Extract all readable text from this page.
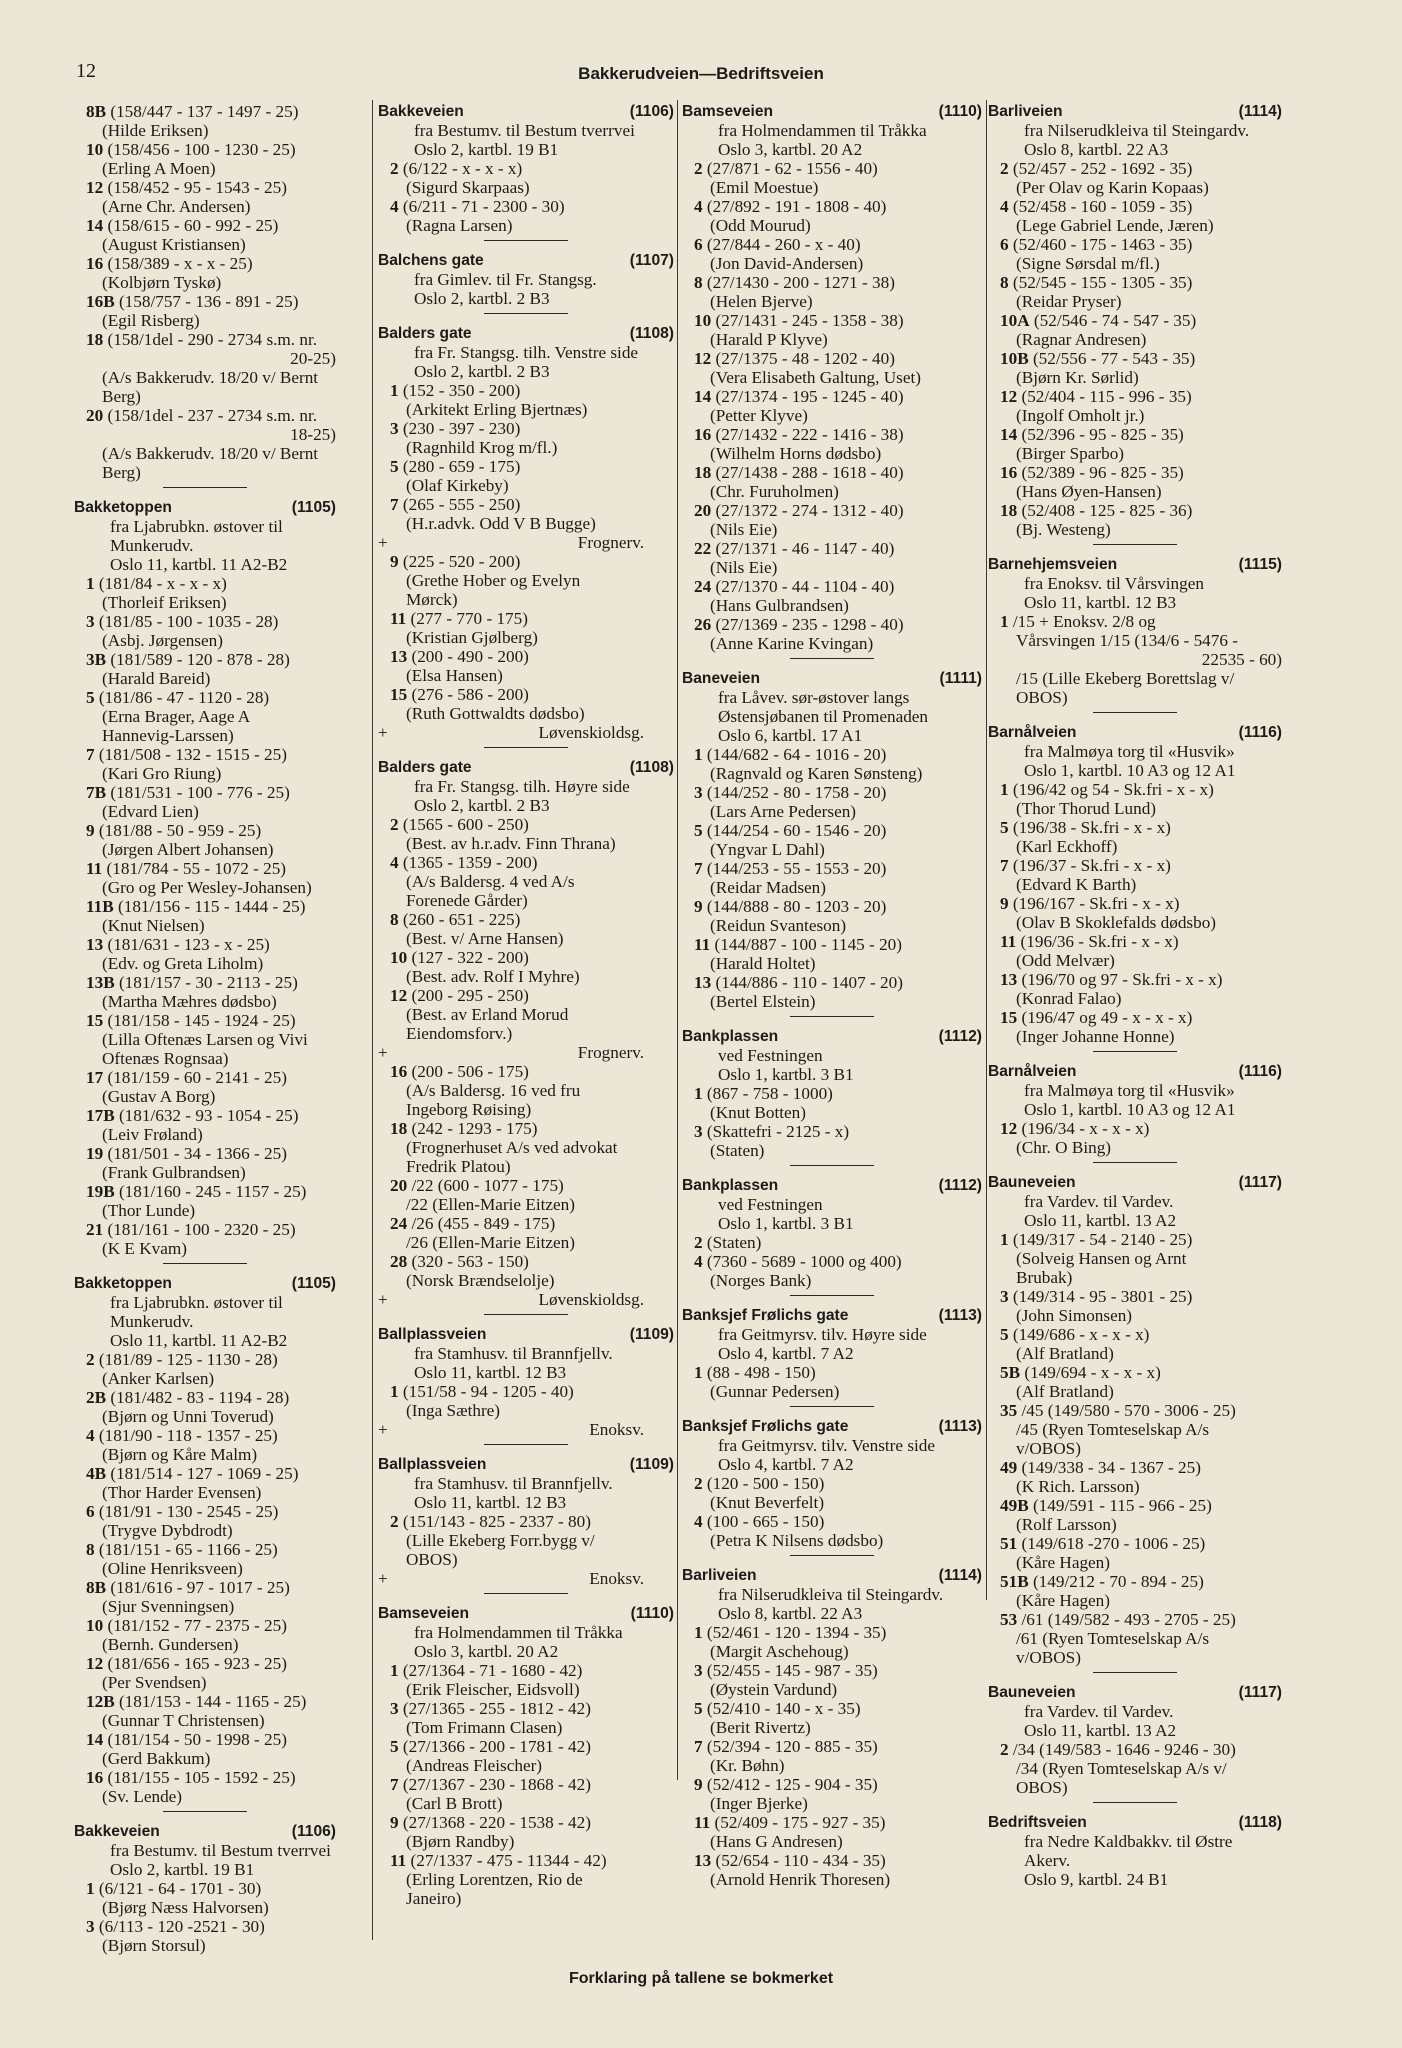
12	Bakkerudveien—Bedriftsveien
8B (158/447 - 137 - 1497 - 25)
(Hilde Eriksen)
10 (158/456 - 100 - 1230 - 25)
(Erling A Moen)
12 (158/452 - 95 - 1543 - 25)
(Arne Chr. Andersen)
14 (158/615 - 60 - 992 - 25)
(August Kristiansen)
16 (158/389 - x - x - 25)
(Kolbjørn Tyskø)
16B (158/757 - 136 - 891 - 25)
(Egil Risberg)
18 (158/1del - 290 - 2734 s.m. nr.
20-25)
(A/s Bakkerudv. 18/20 v/ Bernt
Berg)
20 (158/1del - 237 - 2734 s.m. nr.
18-25)
(A/s Bakkerudv. 18/20 v/ Bernt
Berg)
Bakketoppen	(1105)
fra Ljabrubkn. østover til
Munkerudv.
Oslo 11, kartbl. 11 A2-B2
1 (181/84 - x - x - x)
(Thorleif Eriksen)
3 (181/85 - 100 - 1035 - 28)
(Asbj. Jørgensen)
3B (181/589 - 120 - 878 - 28)
(Harald Bareid)
5 (181/86 - 47 - 1120 - 28)
(Erna Brager, Aage A
Hannevig-Larssen)
7 (181/508 - 132 - 1515 - 25)
(Kari Gro Riung)
7B (181/531 - 100 - 776 - 25)
(Edvard Lien)
9 (181/88 - 50 - 959 - 25)
(Jørgen Albert Johansen)
11 (181/784 - 55 - 1072 - 25)
(Gro og Per Wesley-Johansen)
11B (181/156 - 115 - 1444 - 25)
(Knut Nielsen)
13 (181/631 - 123 - x - 25)
(Edv. og Greta Liholm)
13B (181/157 - 30 - 2113 - 25)
(Martha Mæhres dødsbo)
15 (181/158 - 145 - 1924 - 25)
(Lilla Oftenæs Larsen og Vivi
Oftenæs Rognsaa)
17 (181/159 - 60 - 2141 - 25)
(Gustav A Borg)
17B (181/632 - 93 - 1054 - 25)
(Leiv Frøland)
19 (181/501 - 34 - 1366 - 25)
(Frank Gulbrandsen)
19B (181/160 - 245 - 1157 - 25)
(Thor Lunde)
21 (181/161 - 100 - 2320 - 25)
(K E Kvam)
Bakketoppen	(1105)
fra Ljabrubkn. østover til
Munkerudv.
Oslo 11, kartbl. 11 A2-B2
2 (181/89 - 125 - 1130 - 28)
(Anker Karlsen)
2B (181/482 - 83 - 1194 - 28)
(Bjørn og Unni Toverud)
4 (181/90 - 118 - 1357 - 25)
(Bjørn og Kåre Malm)
4B (181/514 - 127 - 1069 - 25)
(Thor Harder Evensen)
6 (181/91 - 130 - 2545 - 25)
(Trygve Dybdrodt)
8 (181/151 - 65 - 1166 - 25)
(Oline Henriksveen)
8B (181/616 - 97 - 1017 - 25)
(Sjur Svenningsen)
10 (181/152 - 77 - 2375 - 25)
(Bernh. Gundersen)
12 (181/656 - 165 - 923 - 25)
(Per Svendsen)
12B (181/153 - 144 - 1165 - 25)
(Gunnar T Christensen)
14 (181/154 - 50 - 1998 - 25)
(Gerd Bakkum)
16 (181/155 - 105 - 1592 - 25)
(Sv. Lende)
Bakkeveien	(1106)
fra Bestumv. til Bestum tverrvei
Oslo 2, kartbl. 19 B1
1 (6/121 - 64 - 1701 - 30)
(Bjørg Næss Halvorsen)
3 (6/113 - 120 -2521 - 30)
(Bjørn Storsul)
Bakkeveien	(1106)
fra Bestumv. til Bestum tverrvei
Oslo 2, kartbl. 19 B1
2 (6/122 - x - x - x)
(Sigurd Skarpaas)
4 (6/211 - 71 - 2300 - 30)
(Ragna Larsen)
Balchens gate	(1107)
fra Gimlev. til Fr. Stangsg.
Oslo 2, kartbl. 2 B3
Balders gate	(1108)
fra Fr. Stangsg. tilh. Venstre side
Oslo 2, kartbl. 2 B3
1 (152 - 350 - 200)
(Arkitekt Erling Bjertnæs)
3 (230 - 397 - 230)
(Ragnhild Krog m/fl.)
5 (280 - 659 - 175)
(Olaf Kirkeby)
7 (265 - 555 - 250)
(H.r.advk. Odd V B Bugge)
+	Frognerv.
9 (225 - 520 - 200)
(Grethe Hober og Evelyn
Mørck)
11 (277 - 770 - 175)
(Kristian Gjølberg)
13 (200 - 490 - 200)
(Elsa Hansen)
15 (276 - 586 - 200)
(Ruth Gottwaldts dødsbo)
+	Løvenskioldsg.
Balders gate	(1108)
fra Fr. Stangsg. tilh. Høyre side
Oslo 2, kartbl. 2 B3
2 (1565 - 600 - 250)
(Best. av h.r.adv. Finn Thrana)
4 (1365 - 1359 - 200)
(A/s Baldersg. 4 ved A/s
Forenede Gårder)
8 (260 - 651 - 225)
(Best. v/ Arne Hansen)
10 (127 - 322 - 200)
(Best. adv. Rolf I Myhre)
12 (200 - 295 - 250)
(Best. av Erland Morud
Eiendomsforv.)
+	Frognerv.
16 (200 - 506 - 175)
(A/s Baldersg. 16 ved fru
Ingeborg Røising)
18 (242 - 1293 - 175)
(Frognerhuset A/s ved advokat
Fredrik Platou)
20 /22 (600 - 1077 - 175)
/22 (Ellen-Marie Eitzen)
24 /26 (455 - 849 - 175)
/26 (Ellen-Marie Eitzen)
28 (320 - 563 - 150)
(Norsk Brændselolje)
+	Løvenskioldsg.
Ballplassveien	(1109)
fra Stamhusv. til Brannfjellv.
Oslo 11, kartbl. 12 B3
1 (151/58 - 94 - 1205 - 40)
(Inga Sæthre)
+	Enoksv.
Ballplassveien	(1109)
fra Stamhusv. til Brannfjellv.
Oslo 11, kartbl. 12 B3
2 (151/143 - 825 - 2337 - 80)
(Lille Ekeberg Forr.bygg v/
OBOS)
+	Enoksv.
Bamseveien	(1110)
fra Holmendammen til Tråkka
Oslo 3, kartbl. 20 A2
1 (27/1364 - 71 - 1680 - 42)
(Erik Fleischer, Eidsvoll)
3 (27/1365 - 255 - 1812 - 42)
(Tom Frimann Clasen)
5 (27/1366 - 200 - 1781 - 42)
(Andreas Fleischer)
7 (27/1367 - 230 - 1868 - 42)
(Carl B Brott)
9 (27/1368 - 220 - 1538 - 42)
(Bjørn Randby)
11 (27/1337 - 475 - 11344 - 42)
(Erling Lorentzen, Rio de
Janeiro)
Bamseveien	(1110)
fra Holmendammen til Tråkka
Oslo 3, kartbl. 20 A2
2 (27/871 - 62 - 1556 - 40)
(Emil Moestue)
4 (27/892 - 191 - 1808 - 40)
(Odd Mourud)
6 (27/844 - 260 - x - 40)
(Jon David-Andersen)
8 (27/1430 - 200 - 1271 - 38)
(Helen Bjerve)
10 (27/1431 - 245 - 1358 - 38)
(Harald P Klyve)
12 (27/1375 - 48 - 1202 - 40)
(Vera Elisabeth Galtung, Uset)
14 (27/1374 - 195 - 1245 - 40)
(Petter Klyve)
16 (27/1432 - 222 - 1416 - 38)
(Wilhelm Horns dødsbo)
18 (27/1438 - 288 - 1618 - 40)
(Chr. Furuholmen)
20 (27/1372 - 274 - 1312 - 40)
(Nils Eie)
22 (27/1371 - 46 - 1147 - 40)
(Nils Eie)
24 (27/1370 - 44 - 1104 - 40)
(Hans Gulbrandsen)
26 (27/1369 - 235 - 1298 - 40)
(Anne Karine Kvingan)
Baneveien	(1111)
fra Låvev. sør-østover langs
Østensjøbanen til Promenaden
Oslo 6, kartbl. 17 A1
1 (144/682 - 64 - 1016 - 20)
(Ragnvald og Karen Sønsteng)
3 (144/252 - 80 - 1758 - 20)
(Lars Arne Pedersen)
5 (144/254 - 60 - 1546 - 20)
(Yngvar L Dahl)
7 (144/253 - 55 - 1553 - 20)
(Reidar Madsen)
9 (144/888 - 80 - 1203 - 20)
(Reidun Svanteson)
11 (144/887 - 100 - 1145 - 20)
(Harald Holtet)
13 (144/886 - 110 - 1407 - 20)
(Bertel Elstein)
Bankplassen	(1112)
ved Festningen
Oslo 1, kartbl. 3 B1
1 (867 - 758 - 1000)
(Knut Botten)
3 (Skattefri - 2125 - x)
(Staten)
Bankplassen	(1112)
ved Festningen
Oslo 1, kartbl. 3 B1
2 (Staten)
4 (7360 - 5689 - 1000 og 400)
(Norges Bank)
Banksjef Frølichs gate	(1113)
fra Geitmyrsv. tilv. Høyre side
Oslo 4, kartbl. 7 A2
1 (88 - 498 - 150)
(Gunnar Pedersen)
Banksjef Frølichs gate	(1113)
fra Geitmyrsv. tilv. Venstre side
Oslo 4, kartbl. 7 A2
2 (120 - 500 - 150)
(Knut Beverfelt)
4 (100 - 665 - 150)
(Petra K Nilsens dødsbo)
Barliveien	(1114)
fra Nilserudkleiva til Steingardv.
Oslo 8, kartbl. 22 A3
1 (52/461 - 120 - 1394 - 35)
(Margit Aschehoug)
3 (52/455 - 145 - 987 - 35)
(Øystein Vardund)
5 (52/410 - 140 - x - 35)
(Berit Rivertz)
7 (52/394 - 120 - 885 - 35)
(Kr. Bøhn)
9 (52/412 - 125 - 904 - 35)
(Inger Bjerke)
11 (52/409 - 175 - 927 - 35)
(Hans G Andresen)
13 (52/654 - 110 - 434 - 35)
(Arnold Henrik Thoresen)
Barliveien	(1114)
fra Nilserudkleiva til Steingardv.
Oslo 8, kartbl. 22 A3
2 (52/457 - 252 - 1692 - 35)
(Per Olav og Karin Kopaas)
4 (52/458 - 160 - 1059 - 35)
(Lege Gabriel Lende, Jæren)
6 (52/460 - 175 - 1463 - 35)
(Signe Sørsdal m/fl.)
8 (52/545 - 155 - 1305 - 35)
(Reidar Pryser)
10A (52/546 - 74 - 547 - 35)
(Ragnar Andresen)
10B (52/556 - 77 - 543 - 35)
(Bjørn Kr. Sørlid)
12 (52/404 - 115 - 996 - 35)
(Ingolf Omholt jr.)
14 (52/396 - 95 - 825 - 35)
(Birger Sparbo)
16 (52/389 - 96 - 825 - 35)
(Hans Øyen-Hansen)
18 (52/408 - 125 - 825 - 36)
(Bj. Westeng)
Barnehjemsveien	(1115)
fra Enoksv. til Vårsvingen
Oslo 11, kartbl. 12 B3
1 /15 + Enoksv. 2/8 og
Vårsvingen 1/15 (134/6 - 5476 -
22535 - 60)
/15 (Lille Ekeberg Borettslag v/
OBOS)
Barnålveien	(1116)
fra Malmøya torg til «Husvik»
Oslo 1, kartbl. 10 A3 og 12 A1
1 (196/42 og 54 - Sk.fri - x - x)
(Thor Thorud Lund)
5 (196/38 - Sk.fri - x - x)
(Karl Eckhoff)
7 (196/37 - Sk.fri - x - x)
(Edvard K Barth)
9 (196/167 - Sk.fri - x - x)
(Olav B Skoklefalds dødsbo)
11 (196/36 - Sk.fri - x - x)
(Odd Melvær)
13 (196/70 og 97 - Sk.fri - x - x)
(Konrad Falao)
15 (196/47 og 49 - x - x - x)
(Inger Johanne Honne)
Barnålveien	(1116)
fra Malmøya torg til «Husvik»
Oslo 1, kartbl. 10 A3 og 12 A1
12 (196/34 - x - x - x)
(Chr. O Bing)
Bauneveien	(1117)
fra Vardev. til Vardev.
Oslo 11, kartbl. 13 A2
1 (149/317 - 54 - 2140 - 25)
(Solveig Hansen og Arnt
Brubak)
3 (149/314 - 95 - 3801 - 25)
(John Simonsen)
5 (149/686 - x - x - x)
(Alf Bratland)
5B (149/694 - x - x - x)
(Alf Bratland)
35 /45 (149/580 - 570 - 3006 - 25)
/45 (Ryen Tomteselskap A/s
v/OBOS)
49 (149/338 - 34 - 1367 - 25)
(K Rich. Larsson)
49B (149/591 - 115 - 966 - 25)
(Rolf Larsson)
51 (149/618 -270 - 1006 - 25)
(Kåre Hagen)
51B (149/212 - 70 - 894 - 25)
(Kåre Hagen)
53 /61 (149/582 - 493 - 2705 - 25)
/61 (Ryen Tomteselskap A/s
v/OBOS)
Bauneveien	(1117)
fra Vardev. til Vardev.
Oslo 11, kartbl. 13 A2
2 /34 (149/583 - 1646 - 9246 - 30)
/34 (Ryen Tomteselskap A/s v/
OBOS)
Bedriftsveien	(1118)
fra Nedre Kaldbakkv. til Østre
Akerv.
Oslo 9, kartbl. 24 B1
Forklaring på tallene se bokmerket
